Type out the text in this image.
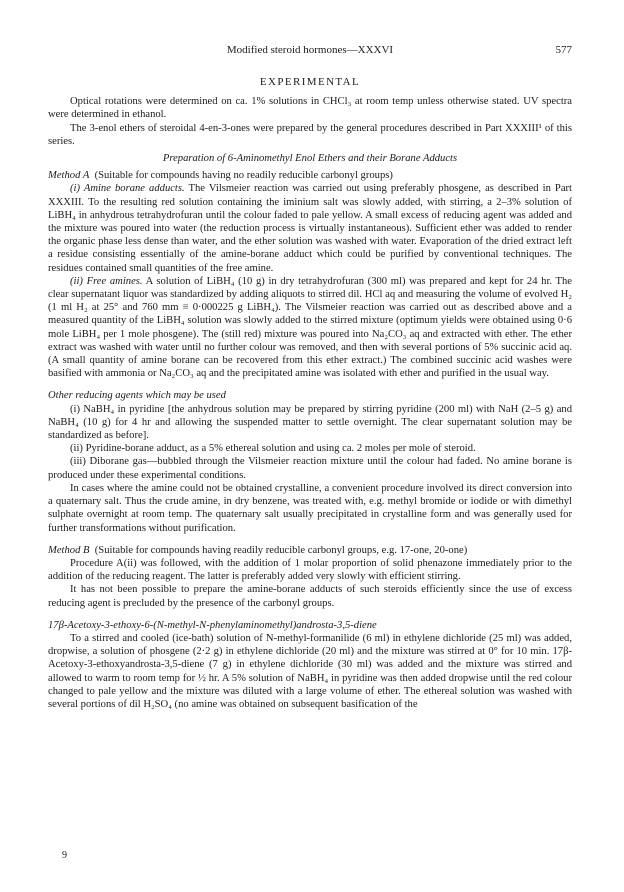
Modified steroid hormones—XXXVI	577
EXPERIMENTAL

Optical rotations were determined on ca. 1% solutions in CHCl₃ at room temp unless otherwise stated. UV spectra were determined in ethanol.

The 3-enol ethers of steroidal 4-en-3-ones were prepared by the general procedures described in Part XXXIII¹ of this series.

Preparation of 6-Aminomethyl Enol Ethers and their Borane Adducts

Method A (Suitable for compounds having no readily reducible carbonyl groups)

(i) Amine borane adducts. The Vilsmeier reaction was carried out using preferably phosgene, as described in Part XXXIII. To the resulting red solution containing the iminium salt was slowly added, with stirring, a 2–3% solution of LiBH₄ in anhydrous tetrahydrofuran until the colour faded to pale yellow. A small excess of reducing agent was added and the mixture was poured into water (the reduction process is virtually instantaneous). Sufficient ether was added to render the organic phase less dense than water, and the ether solution was washed with water. Evaporation of the dried extract left a residue consisting essentially of the amine-borane adduct which could be purified by conventional techniques. The residues contained small quantities of the free amine.

(ii) Free amines. A solution of LiBH₄ (10 g) in dry tetrahydrofuran (300 ml) was prepared and kept for 24 hr. The clear supernatant liquor was standardized by adding aliquots to stirred dil. HCl aq and measuring the volume of evolved H₂ (1 ml H₂ at 25° and 760 mm ≡ 0·000225 g LiBH₄). The Vilsmeier reaction was carried out as described above and a measured quantity of the LiBH₄ solution was slowly added to the stirred mixture (optimum yields were obtained using 0·6 mole LiBH₄ per 1 mole phosgene). The (still red) mixture was poured into Na₂CO₃ aq and extracted with ether. The ether extract was washed with water until no further colour was removed, and then with several portions of 5% succinic acid aq. (A small quantity of amine borane can be recovered from this ether extract.) The combined succinic acid washes were basified with ammonia or Na₂CO₃ aq and the precipitated amine was isolated with ether and purified in the usual way.

Other reducing agents which may be used

(i) NaBH₄ in pyridine [the anhydrous solution may be prepared by stirring pyridine (200 ml) with NaH (2–5 g) and NaBH₄ (10 g) for 4 hr and allowing the suspended matter to settle overnight. The clear supernatant solution may be standardized as before].

(ii) Pyridine-borane adduct, as a 5% ethereal solution and using ca. 2 moles per mole of steroid.

(iii) Diborane gas—bubbled through the Vilsmeier reaction mixture until the colour had faded. No amine borane is produced under these experimental conditions.

In cases where the amine could not be obtained crystalline, a convenient procedure involved its direct conversion into a quaternary salt. Thus the crude amine, in dry benzene, was treated with, e.g. methyl bromide or iodide or with dimethyl sulphate overnight at room temp. The quaternary salt usually precipitated in crystalline form and was generally used for further transformations without purification.

Method B (Suitable for compounds having readily reducible carbonyl groups, e.g. 17-one, 20-one)

Procedure A(ii) was followed, with the addition of 1 molar proportion of solid phenazone immediately prior to the addition of the reducing reagent. The latter is preferably added very slowly with efficient stirring.

It has not been possible to prepare the amine-borane adducts of such steroids efficiently since the use of excess reducing agent is precluded by the presence of the carbonyl groups.

17β-Acetoxy-3-ethoxy-6-(N-methyl-N-phenylaminomethyl)androsta-3,5-diene

To a stirred and cooled (ice-bath) solution of N-methyl-formanilide (6 ml) in ethylene dichloride (25 ml) was added, dropwise, a solution of phosgene (2·2 g) in ethylene dichloride (20 ml) and the mixture was stirred at 0° for 10 min. 17β-Acetoxy-3-ethoxyandrosta-3,5-diene (7 g) in ethylene dichloride (30 ml) was added and the mixture was stirred and allowed to warm to room temp for ½ hr. A 5% solution of NaBH₄ in pyridine was then added dropwise until the red colour changed to pale yellow and the mixture was diluted with a large volume of ether. The ethereal solution was washed with several portions of dil H₂SO₄ (no amine was obtained on subsequent basification of the

9
